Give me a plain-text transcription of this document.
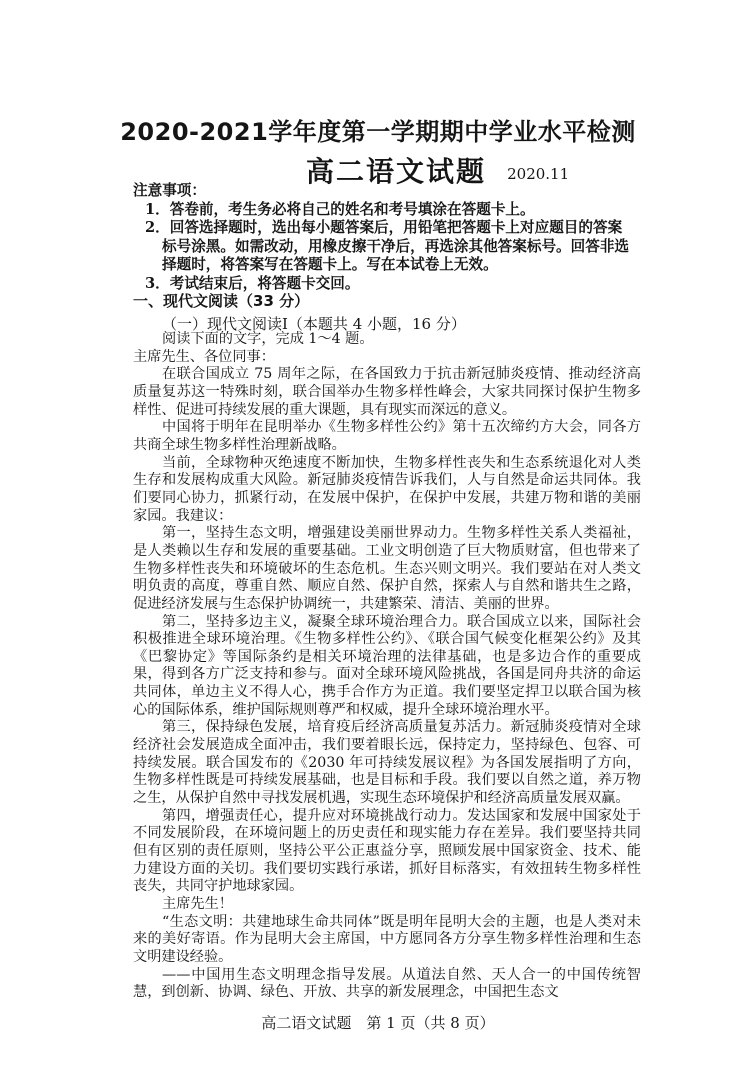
2020-2021学年度第一学期期中学业水平检测
高二语文试题 2020.11
注意事项：
1．答卷前，考生务必将自己的姓名和考号填涂在答题卡上。
2．回答选择题时，选出每小题答案后，用铅笔把答题卡上对应题目的答案标号涂黑。如需改动，用橡皮擦干净后，再选涂其他答案标号。回答非选择题时，将答案写在答题卡上。写在本试卷上无效。
3．考试结束后，将答题卡交回。
一、现代文阅读（33 分）
（一）现代文阅读Ⅰ（本题共 4 小题，16 分）

阅读下面的文字，完成 1～4 题。

主席先生、各位同事：

在联合国成立 75 周年之际，在各国致力于抗击新冠肺炎疫情、推动经济高质量复苏这一特殊时刻，联合国举办生物多样性峰会，大家共同探讨保护生物多样性、促进可持续发展的重大课题，具有现实而深远的意义。

中国将于明年在昆明举办《生物多样性公约》第十五次缔约方大会，同各方共商全球生物多样性治理新战略。

当前，全球物种灭绝速度不断加快，生物多样性丧失和生态系统退化对人类生存和发展构成重大风险。新冠肺炎疫情告诉我们，人与自然是命运共同体。我们要同心协力，抓紧行动，在发展中保护，在保护中发展，共建万物和谐的美丽家园。我建议：

第一，坚持生态文明，增强建设美丽世界动力。生物多样性关系人类福祉，是人类赖以生存和发展的重要基础。工业文明创造了巨大物质财富，但也带来了生物多样性丧失和环境破坏的生态危机。生态兴则文明兴。我们要站在对人类文明负责的高度，尊重自然、顺应自然、保护自然，探索人与自然和谐共生之路，促进经济发展与生态保护协调统一，共建繁荣、清洁、美丽的世界。

第二，坚持多边主义，凝聚全球环境治理合力。联合国成立以来，国际社会积极推进全球环境治理。《生物多样性公约》、《联合国气候变化框架公约》及其《巴黎协定》等国际条约是相关环境治理的法律基础，也是多边合作的重要成果，得到各方广泛支持和参与。面对全球环境风险挑战，各国是同舟共济的命运共同体，单边主义不得人心，携手合作方为正道。我们要坚定捍卫以联合国为核心的国际体系，维护国际规则尊严和权威，提升全球环境治理水平。

第三，保持绿色发展，培育疫后经济高质量复苏活力。新冠肺炎疫情对全球经济社会发展造成全面冲击，我们要着眼长远，保持定力，坚持绿色、包容、可持续发展。联合国发布的《2030 年可持续发展议程》为各国发展指明了方向，生物多样性既是可持续发展基础，也是目标和手段。我们要以自然之道，养万物之生，从保护自然中寻找发展机遇，实现生态环境保护和经济高质量发展双赢。

第四，增强责任心，提升应对环境挑战行动力。发达国家和发展中国家处于不同发展阶段，在环境问题上的历史责任和现实能力存在差异。我们要坚持共同但有区别的责任原则，坚持公平公正惠益分享，照顾发展中国家资金、技术、能力建设方面的关切。我们要切实践行承诺，抓好目标落实，有效扭转生物多样性丧失，共同守护地球家园。

主席先生！

“生态文明：共建地球生命共同体”既是明年昆明大会的主题，也是人类对未来的美好寄语。作为昆明大会主席国，中方愿同各方分享生物多样性治理和生态文明建设经验。

——中国用生态文明理念指导发展。从道法自然、天人合一的中国传统智慧，到创新、协调、绿色、开放、共享的新发展理念，中国把生态文

高二语文试题　第 1 页（共 8 页）
